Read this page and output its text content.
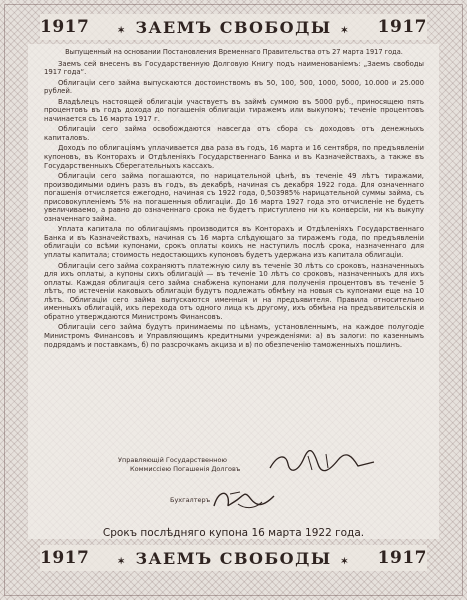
1917	✶ ЗАЕМЪ СВОБОДЫ ✶ 1917

Выпущенный на основании Постановления Временнаго Правительства отъ 27 марта 1917 года.

Заемъ сей внесенъ въ Государственную Долговую Книгу подъ наименованіемъ: „Заемъ свободы 1917 года“.

Облигаціи сего займа выпускаются достоинствомъ въ 50, 100, 500, 1000, 5000, 10.000 и 25.000 рублей.

Владѣлецъ настоящей облигаціи участвуетъ въ займѣ суммою въ 5000 руб., приносящею пять процентовъ въ годъ дохода до погашенія облигаціи тиражемъ или выкупомъ; теченіе процентовъ начинается съ 16 марта 1917 г.

Облигаціи сего займа освобождаются навсегда отъ сбора съ доходовъ отъ денежныхъ капиталовъ.

Доходъ по облигаціямъ уплачивается два раза въ годъ, 16 марта и 16 сентября, по предъявленіи купоновъ, въ Конторахъ и Отдѣленіяхъ Государственнаго Банка и въ Казначействахъ, а также въ Государственныхъ Сберегательныхъ кассахъ.

Облигаціи сего займа погашаются, по нарицательной цѣнѣ, въ теченіе 49 лѣтъ тиражами, производимыми одинъ разъ въ годъ, въ декабрѣ, начиная съ декабря 1922 года. Для означеннаго погашенія отчисляется ежегодно, начиная съ 1922 года, 0,503985% нарицательной суммы займа, съ присовокупленіемъ 5% на погашенныя облигаціи. До 16 марта 1927 года это отчисленіе не будетъ увеличиваемо, а равно до означеннаго срока не будетъ приступлено ни къ конверсіи, ни къ выкупу означеннаго займа.

Уплата капитала по облигаціямъ производится въ Конторахъ и Отдѣленіяхъ Государственнаго Банка и въ Казначействахъ, начиная съ 16 марта слѣдующаго за тиражемъ года, по предъявленіи облигаціи со всѣми купонами, срокъ оплаты коихъ не наступилъ послѣ срока, назначеннаго для уплаты капитала; стоимость недостающихъ купоновъ будетъ удержана изъ капитала облигаціи.

Облигаціи сего займа сохраняютъ платежную силу въ теченіе 30 лѣтъ со сроковъ, назначенныхъ для ихъ оплаты, а купоны сихъ облигацій — въ теченіе 10 лѣтъ со сроковъ, назначенныхъ для ихъ оплаты. Каждая облигація сего займа снабжена купонами для полученія процентовъ въ теченіе 5 лѣтъ, по истеченіи каковыхъ облигаціи будутъ подлежать обмѣну на новыя съ купонами еще на 10 лѣтъ. Облигаціи сего займа выпускаются именныя и на предъявителя. Правила относительно именныхъ облигацій, ихъ перехода отъ одного лица къ другому, ихъ обмѣна на предъявительскія и обратно утверждаются Министромъ Финансовъ.

Облигаціи сего займа будутъ принимаемы по цѣнамъ, установленнымъ, на каждое полугодіе Министромъ Финансовъ и Управляющимъ кредитными учрежденіями: а) въ залоги: по казеннымъ подрядамъ и поставкамъ, б) по разсрочкамъ акциза и в) по обезпеченію таможенныхъ пошлинъ.

Управляющій Государственною
Коммиссіею Погашенія Долговъ
Бухгалтеръ
Срокъ послѣдняго купона 16 марта 1922 года.
1917	✶ ЗАЕМЪ СВОБОДЫ ✶ 1917
